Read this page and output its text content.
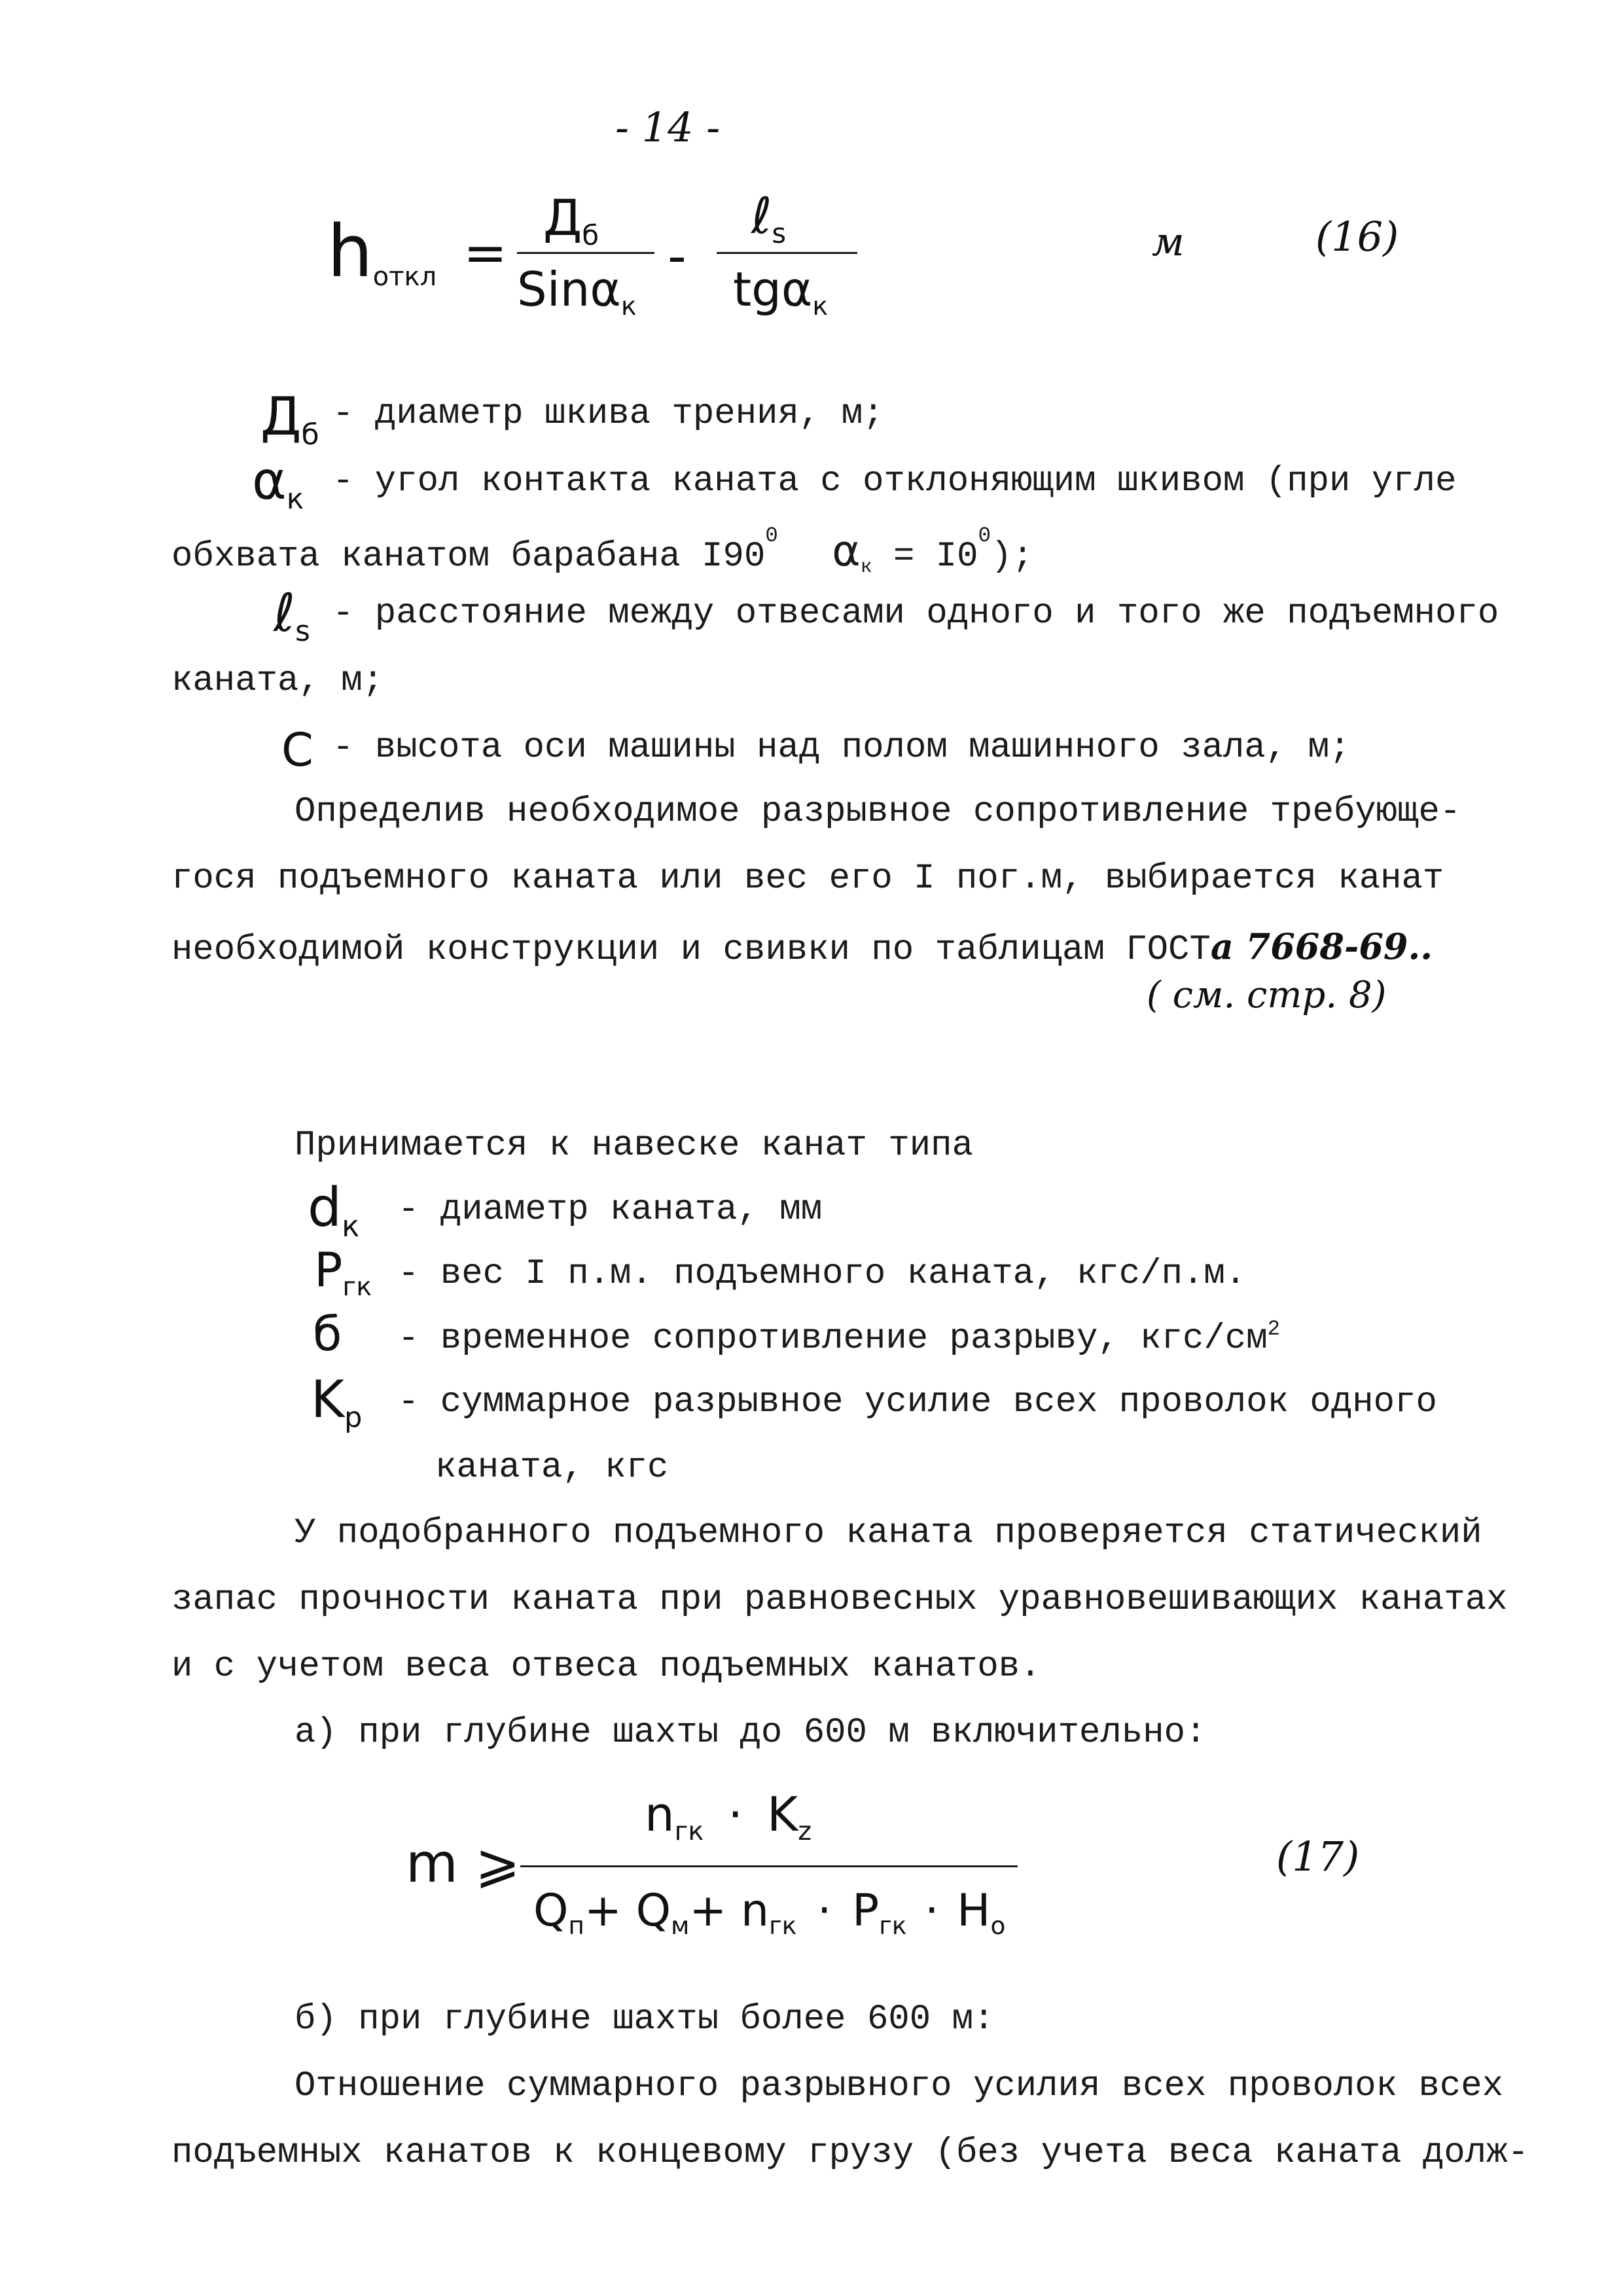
- 14 -
$h_{откл}$ =
$Д_б$
Sinα$_к$
-
ℓ$_s$
tgα$_к$
м	(16)
$Д_б$
- диаметр шкива трения, м;
$\alpha_к$ - угол контакта каната с отклоняющим шкивом (при угле
обхвата канатом барабана $І90^0$ $\alpha_к = І0^0$);
ℓ$_s$ - расстояние между отвесами одного и того же подъемного
каната, м;
С - высота оси машины над полом машинного зала, м;
Определив необходимое разрывное сопротивление требующе-
гося подъемного каната или вес его І пог.м, выбирается канат
необходимой конструкции и свивки по таблицам ГОСТа 7668-69..
( см. стр. 8)
Принимается к навеске канат типа
$d_к$ - диаметр каната, мм
$P_{гк}$ - вес І п.м. подъемного каната, кгс/п.м.
б - временное сопротивление разрыву, кгс/$см^2$
$K_р$ - суммарное разрывное усилие всех проволок одного
каната, кгс
У подобранного подъемного каната проверяется статический
запас прочности каната при равновесных уравновешивающих канатах
и с учетом веса отвеса подъемных канатов.
а) при глубине шахты до 600 м включительно:
m ⩾
$n_{гк} \cdot K_z$
$Q_п+ Q_м+ n_{гк} \cdot P_{гк} \cdot H_о$
(17)
б) при глубине шахты более 600 м:
Отношение суммарного разрывного усилия всех проволок всех
подъемных канатов к концевому грузу (без учета веса каната долж-
